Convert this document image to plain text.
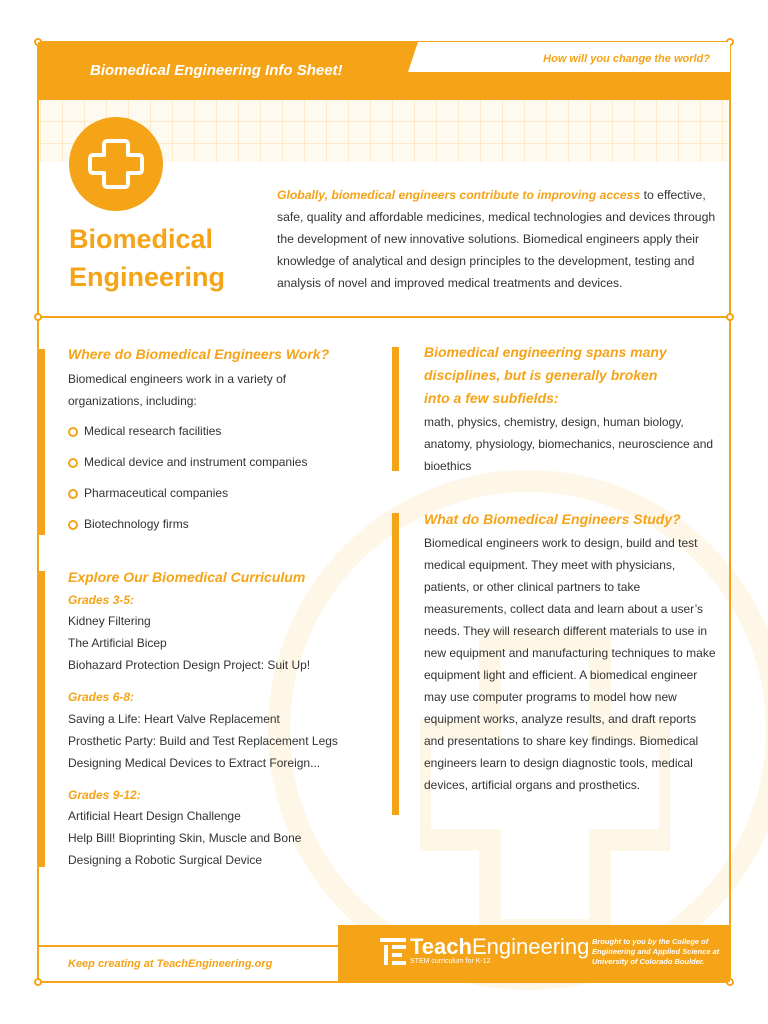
Biomedical Engineering Info Sheet!
How will you change the world?
Biomedical
Engineering
Globally, biomedical engineers contribute to improving access to effective, safe, quality and affordable medicines, medical technologies and devices through the development of new innovative solutions. Biomedical engineers apply their knowledge of analytical and design principles to the development, testing and analysis of novel and improved medical treatments and devices.
Where do Biomedical Engineers Work?
Biomedical engineers work in a variety of organizations, including:
Medical research facilities
Medical device and instrument companies
Pharmaceutical companies
Biotechnology firms
Explore Our Biomedical Curriculum
Grades 3-5:
Kidney Filtering
The Artificial Bicep
Biohazard Protection Design Project: Suit Up!
Grades 6-8:
Saving a Life: Heart Valve Replacement
Prosthetic Party: Build and Test Replacement Legs
Designing Medical Devices to Extract Foreign...
Grades 9-12:
Artificial Heart Design Challenge
Help Bill! Bioprinting Skin, Muscle and Bone
Designing a Robotic Surgical Device
Biomedical engineering spans many
disciplines, but is generally broken
into a few subfields:
math, physics, chemistry, design, human biology, anatomy, physiology, biomechanics, neuroscience and bioethics
What do Biomedical Engineers Study?
Biomedical engineers work to design, build and test medical equipment. They meet with physicians, patients, or other clinical partners to take measurements, collect data and learn about a user’s needs. They will research different materials to use in new equipment and manufacturing techniques to make equipment light and efficient. A biomedical engineer may use computer programs to model how new equipment works, analyze results, and draft reports and presentations to share key findings. Biomedical engineers learn to design diagnostic tools, medical devices, artificial organs and prosthetics.
Keep creating at TeachEngineering.org
TeachEngineering
STEM curriculum for K-12
Brought to you by the College of Engineering and Applied Science at University of Colorado Boulder.
